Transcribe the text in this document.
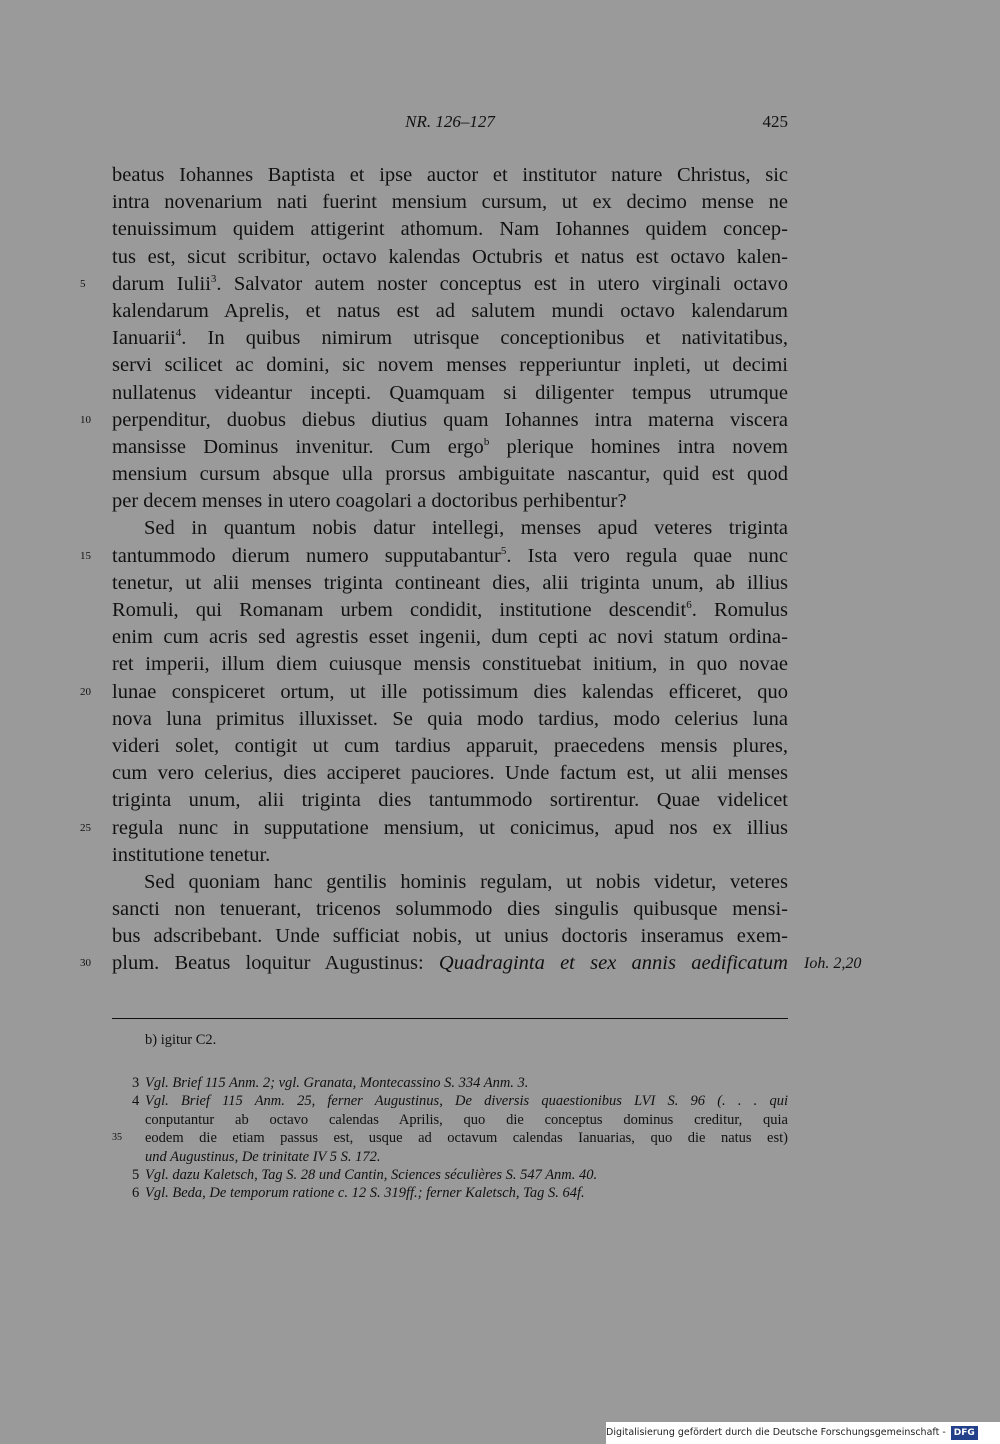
NR. 126–127	425
beatus Iohannes Baptista et ipse auctor et institutor nature Christus, sic
intra novenarium nati fuerint mensium cursum, ut ex decimo mense ne
tenuissimum quidem attigerint athomum. Nam Iohannes quidem concep-
tus est, sicut scribitur, octavo kalendas Octubris et natus est octavo kalen-
5 darum Iulii$^3$. Salvator autem noster conceptus est in utero virginali octavo
kalendarum Aprelis, et natus est ad salutem mundi octavo kalendarum
Ianuarii$^4$. In quibus nimirum utrisque conceptionibus et nativitatibus,
servi scilicet ac domini, sic novem menses repperiuntur inpleti, ut decimi
nullatenus videantur incepti. Quamquam si diligenter tempus utrumque
10 perpenditur, duobus diebus diutius quam Iohannes intra materna viscera
mansisse Dominus invenitur. Cum ergo$^b$ plerique homines intra novem
mensium cursum absque ulla prorsus ambiguitate nascantur, quid est quod
per decem menses in utero coagolari a doctoribus perhibentur?
Sed in quantum nobis datur intellegi, menses apud veteres triginta
15 tantummodo dierum numero supputabantur$^5$. Ista vero regula quae nunc
tenetur, ut alii menses triginta contineant dies, alii triginta unum, ab illius
Romuli, qui Romanam urbem condidit, institutione descendit$^6$. Romulus
enim cum acris sed agrestis esset ingenii, dum cepti ac novi statum ordina-
ret imperii, illum diem cuiusque mensis constituebat initium, in quo novae
20 lunae conspiceret ortum, ut ille potissimum dies kalendas efficeret, quo
nova luna primitus illuxisset. Se quia modo tardius, modo celerius luna
videri solet, contigit ut cum tardius apparuit, praecedens mensis plures,
cum vero celerius, dies acciperet pauciores. Unde factum est, ut alii menses
triginta unum, alii triginta dies tantummodo sortirentur. Quae videlicet
25 regula nunc in supputatione mensium, ut conicimus, apud nos ex illius
institutione tenetur.
Sed quoniam hanc gentilis hominis regulam, ut nobis videtur, veteres
sancti non tenuerant, tricenos solummodo dies singulis quibusque mensi-
bus adscribebant. Unde sufficiat nobis, ut unius doctoris inseramus exem-
30 plum. Beatus loquitur Augustinus: Quadraginta et sex annis aedificatum Ioh. 2,20
b) igitur C2.
3 Vgl. Brief 115 Anm. 2; vgl. Granata, Montecassino S. 334 Anm. 3.
4 Vgl. Brief 115 Anm. 25, ferner Augustinus, De diversis quaestionibus LVI S. 96 (. . . qui
conputantur ab octavo calendas Aprilis, quo die conceptus dominus creditur, quia
35 eodem die etiam passus est, usque ad octavum calendas Ianuarias, quo die natus est)
und Augustinus, De trinitate IV 5 S. 172.
5 Vgl. dazu Kaletsch, Tag S. 28 und Cantin, Sciences séculières S. 547 Anm. 40.
6 Vgl. Beda, De temporum ratione c. 12 S. 319ff.; ferner Kaletsch, Tag S. 64f.
Digitalisierung gefördert durch die Deutsche Forschungsgemeinschaft - DFG
